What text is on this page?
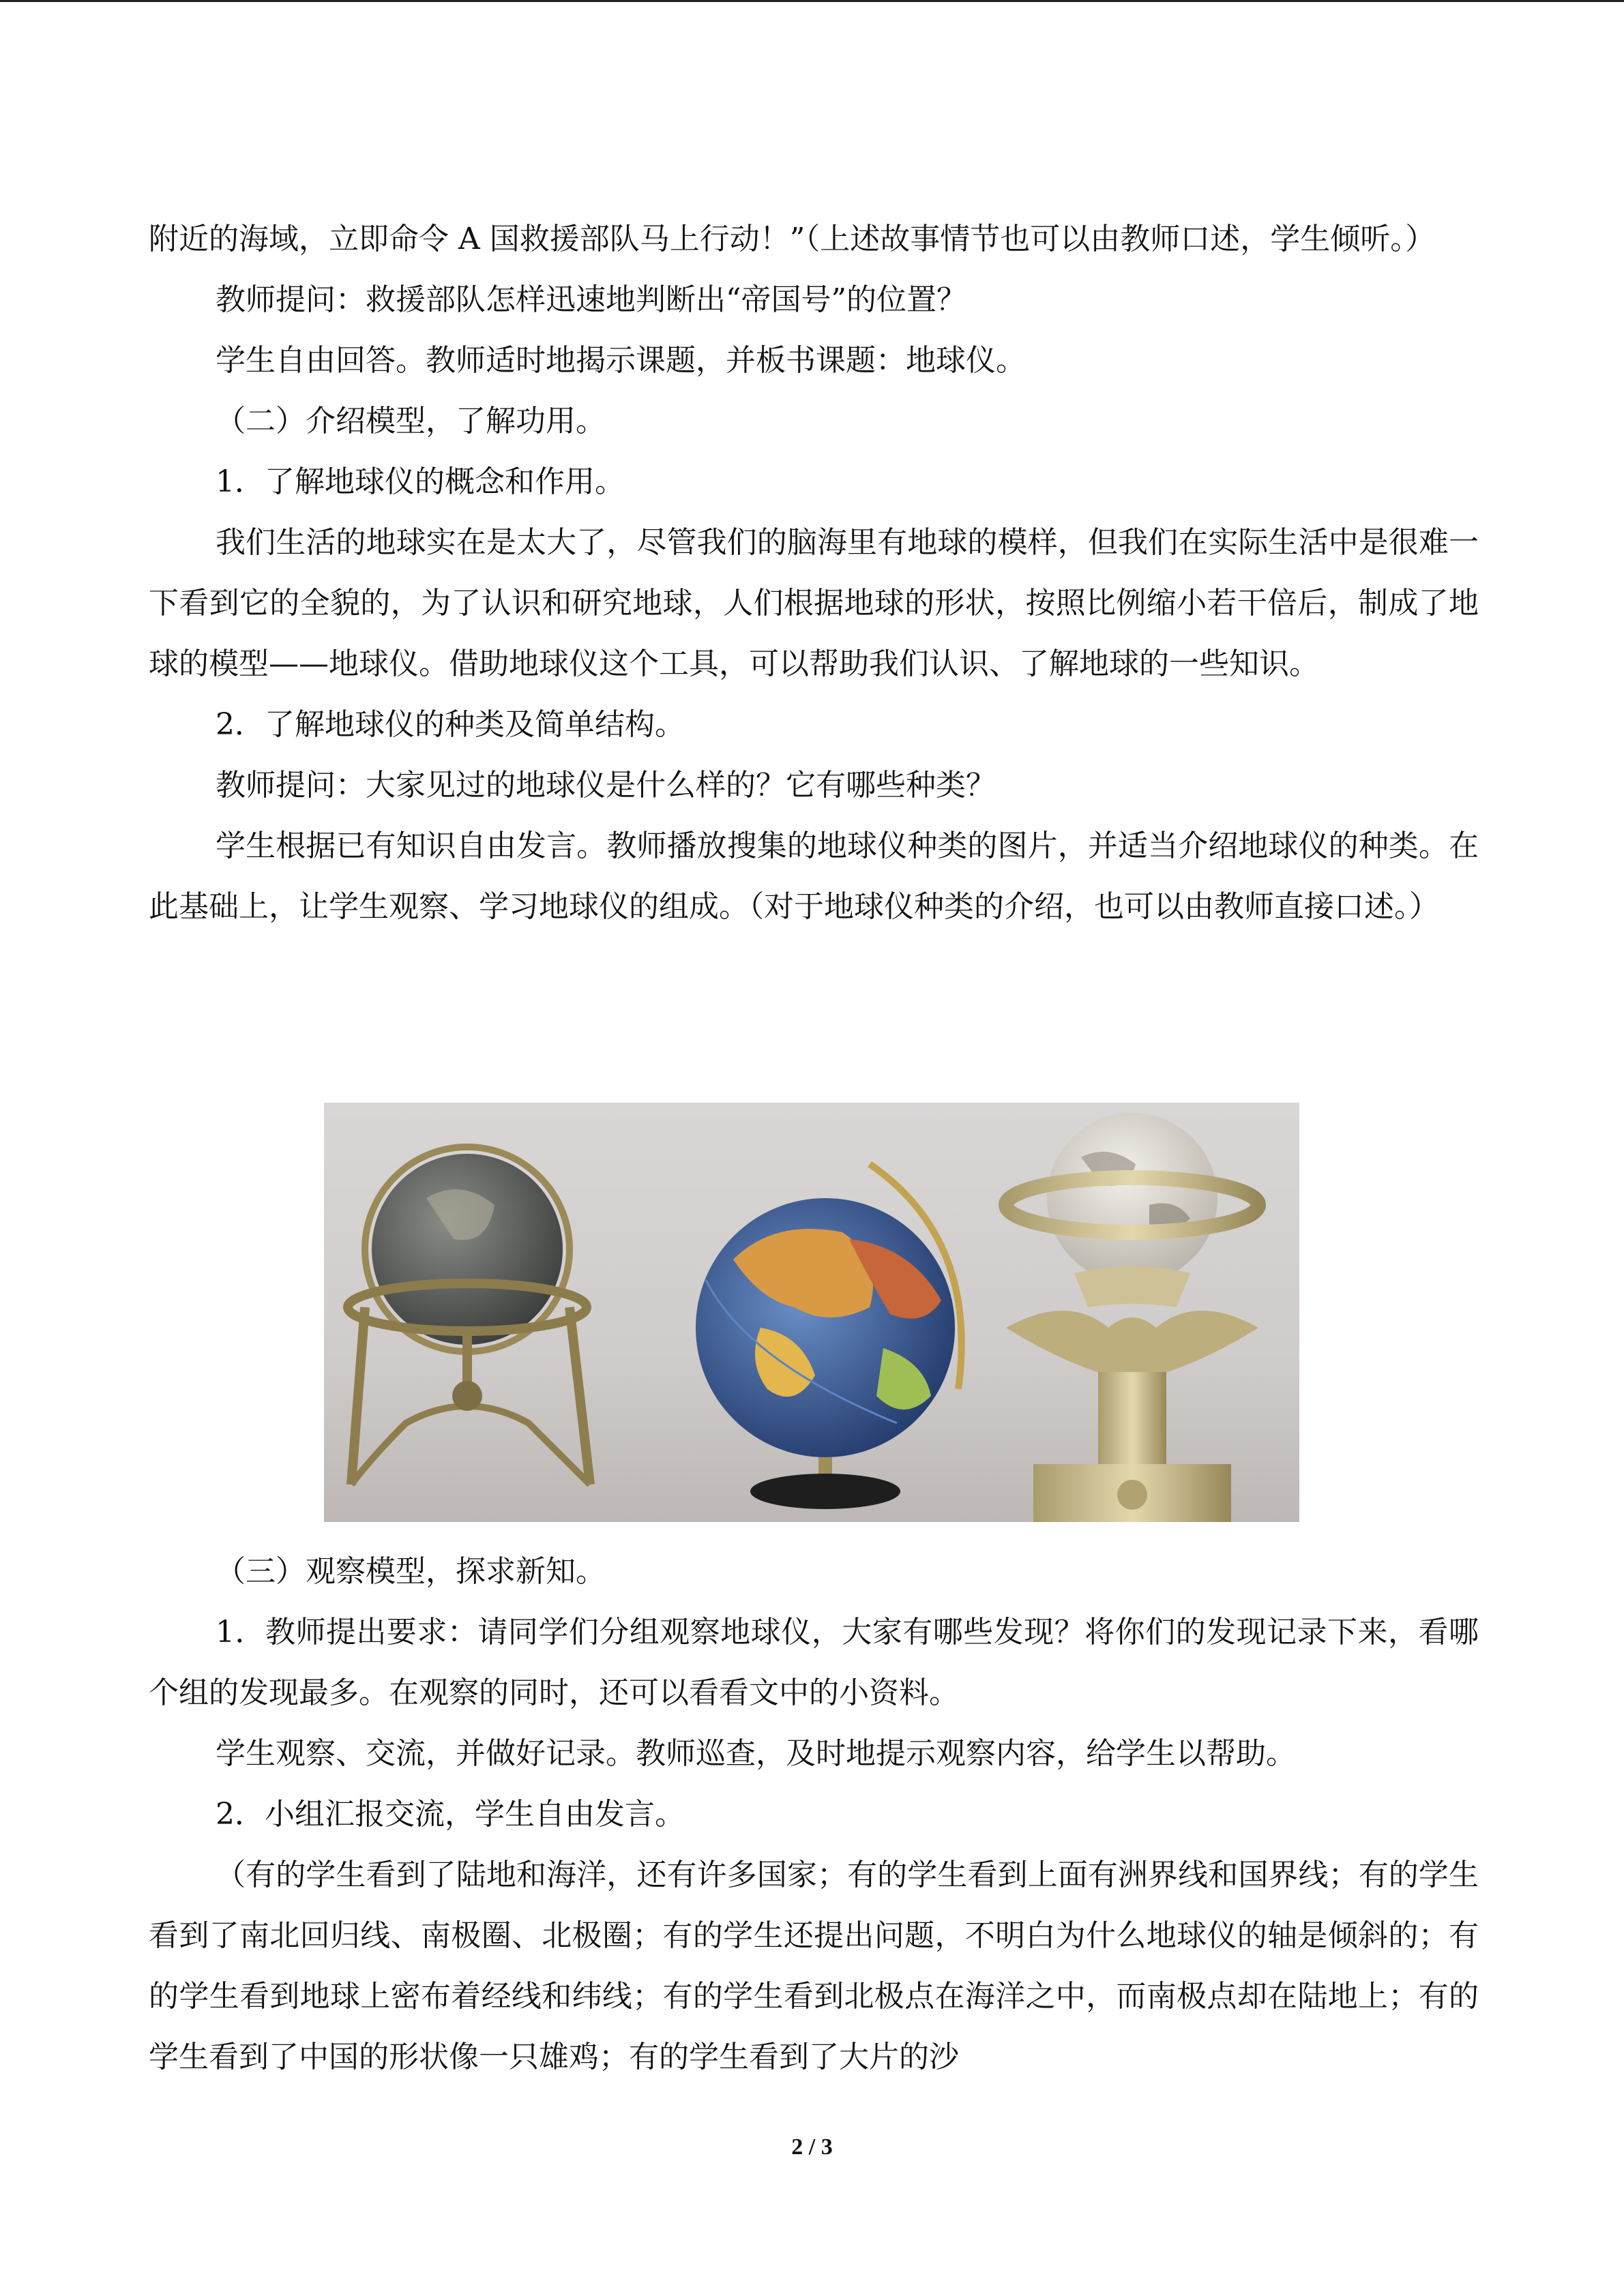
附近的海域，立即命令 A 国救援部队马上行动！”（上述故事情节也可以由教师口述，学生倾听。）

教师提问：救援部队怎样迅速地判断出“帝国号”的位置？

学生自由回答。教师适时地揭示课题，并板书课题：地球仪。

（二）介绍模型，了解功用。

1．了解地球仪的概念和作用。

我们生活的地球实在是太大了，尽管我们的脑海里有地球的模样，但我们在实际生活中是很难一下看到它的全貌的，为了认识和研究地球，人们根据地球的形状，按照比例缩小若干倍后，制成了地球的模型——地球仪。借助地球仪这个工具，可以帮助我们认识、了解地球的一些知识。

2．了解地球仪的种类及简单结构。

教师提问：大家见过的地球仪是什么样的？它有哪些种类？

学生根据已有知识自由发言。教师播放搜集的地球仪种类的图片，并适当介绍地球仪的种类。在此基础上，让学生观察、学习地球仪的组成。（对于地球仪种类的介绍，也可以由教师直接口述。）

（三）观察模型，探求新知。

1．教师提出要求：请同学们分组观察地球仪，大家有哪些发现？将你们的发现记录下来，看哪个组的发现最多。在观察的同时，还可以看看文中的小资料。

学生观察、交流，并做好记录。教师巡查，及时地提示观察内容，给学生以帮助。

2．小组汇报交流，学生自由发言。

（有的学生看到了陆地和海洋，还有许多国家；有的学生看到上面有洲界线和国界线；有的学生看到了南北回归线、南极圈、北极圈；有的学生还提出问题，不明白为什么地球仪的轴是倾斜的；有的学生看到地球上密布着经线和纬线；有的学生看到北极点在海洋之中，而南极点却在陆地上；有的学生看到了中国的形状像一只雄鸡；有的学生看到了大片的沙

2 / 3
